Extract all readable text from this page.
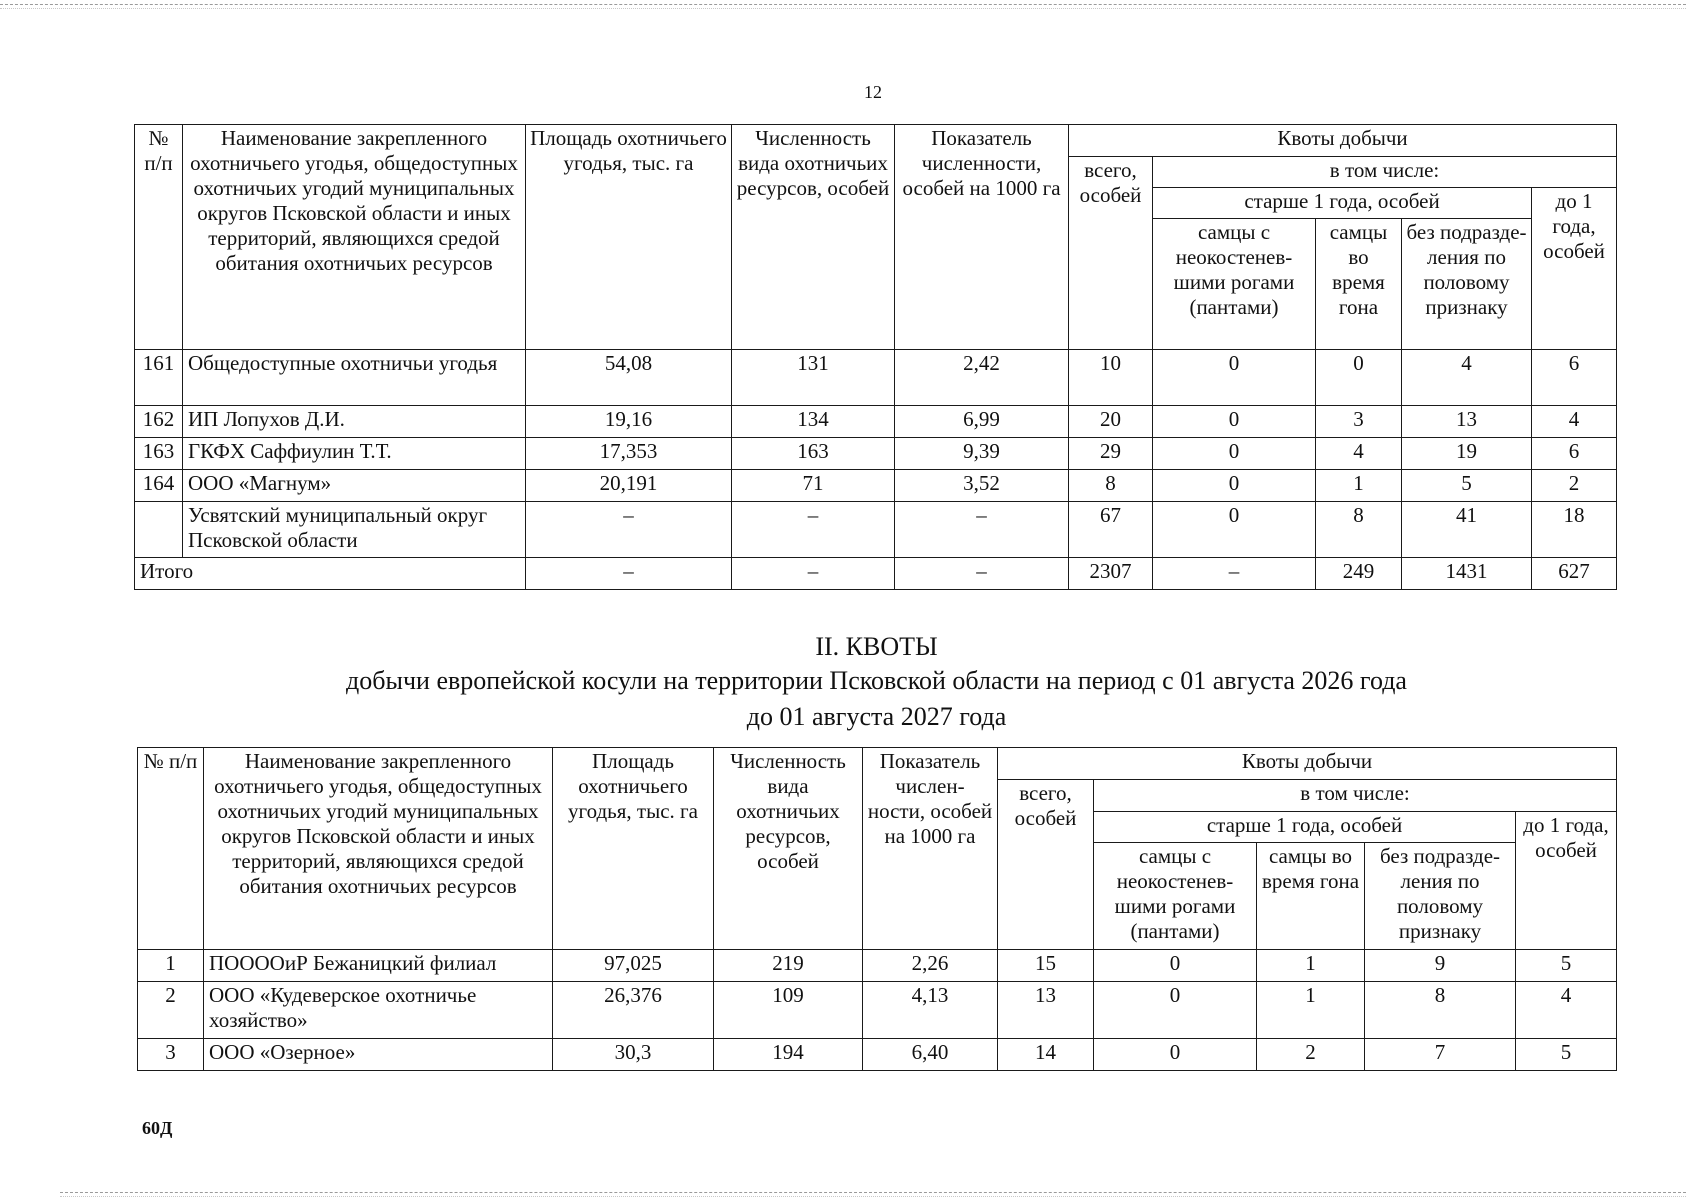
12
№ п/п	Наименование закрепленного охотничьего угодья, общедоступных охотничьих угодий муниципальных округов Псковской области и иных территорий, являющихся средой обитания охотничьих ресурсов	Площадь охотничьего угодья, тыс. га	Численность вида охотничьих ресурсов, особей	Показатель численности, особей на 1000 га	Квоты добычи				
					всего, особей	в том числе:			
						старше 1 года, особей			до 1 года, особей
						самцы с неокостенев-шими рогами (пантами)	самцы во время гона	без подразде-ления по половому признаку	
161	Общедоступные охотничьи угодья	54,08	131	2,42	10	0	0	4	6
162	ИП Лопухов Д.И.	19,16	134	6,99	20	0	3	13	4
163	ГКФХ Саффиулин Т.Т.	17,353	163	9,39	29	0	4	19	6
164	ООО «Магнум»	20,191	71	3,52	8	0	1	5	2
	Усвятский муниципальный округ Псковской области	–	–	–	67	0	8	41	18
Итого		–	–	–	2307	–	249	1431	627
II. КВОТЫ
добычи европейской косули на территории Псковской области на период с 01 августа 2026 года
до 01 августа 2027 года
№ п/п	Наименование закрепленного охотничьего угодья, общедоступных охотничьих угодий муниципальных округов Псковской области и иных территорий, являющихся средой обитания охотничьих ресурсов	Площадь охотничьего угодья, тыс. га	Численность вида охотничьих ресурсов, особей	Показатель числен-ности, особей на 1000 га	Квоты добычи				
					всего, особей	в том числе:			
						старше 1 года, особей			до 1 года, особей
						самцы с неокостенев-шими рогами (пантами)	самцы во время гона	без подразде-ления по половому признаку	
1	ПООООиР Бежаницкий филиал	97,025	219	2,26	15	0	1	9	5
2	ООО «Кудеверское охотничье хозяйство»	26,376	109	4,13	13	0	1	8	4
3	ООО «Озерное»	30,3	194	6,40	14	0	2	7	5
60Д
